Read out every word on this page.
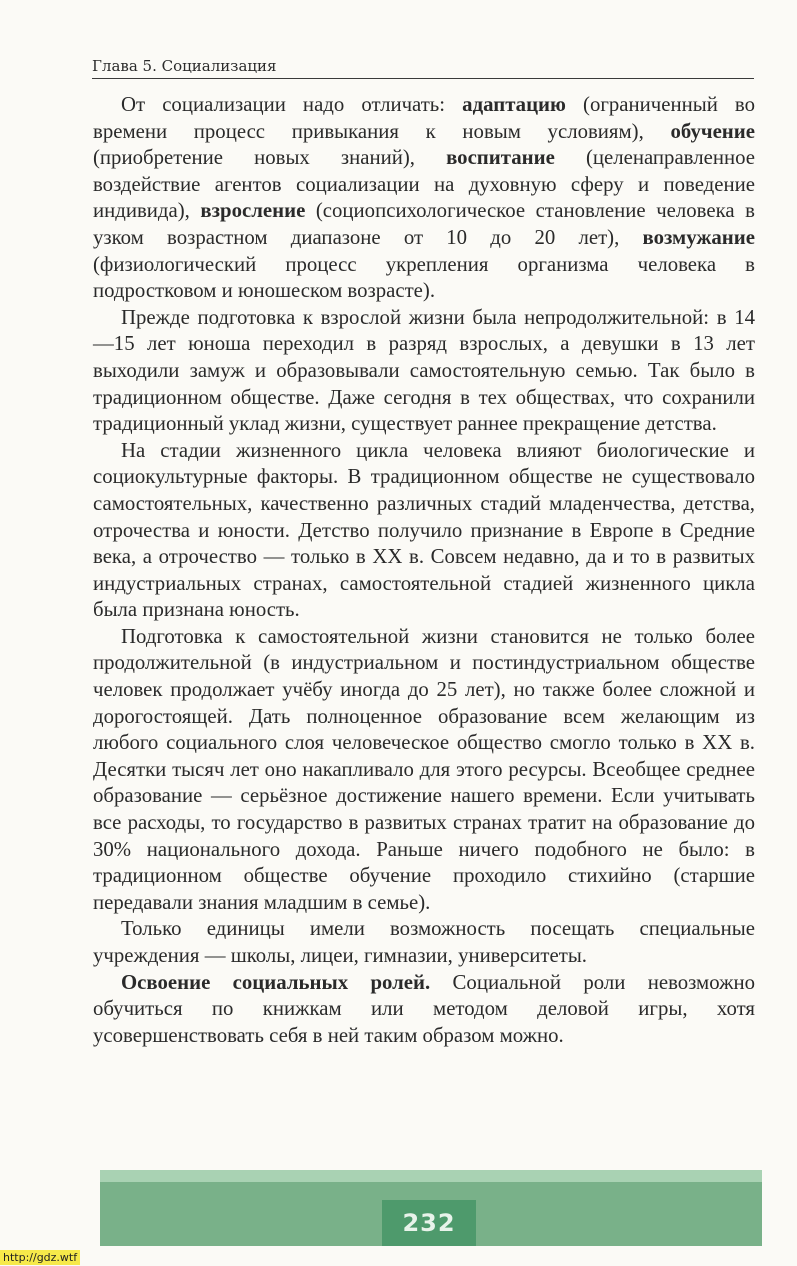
Глава 5. Социализация

От социализации надо отличать: адаптацию (ограниченный во времени процесс привыкания к новым условиям), обучение (приобретение новых знаний), воспитание (целенаправленное воздействие агентов социализации на духовную сферу и поведение индивида), взросление (социопсихологическое становление человека в узком возрастном диапазоне от 10 до 20 лет), возмужание (физиологический процесс укрепления организма человека в подростковом и юношеском возрасте).

Прежде подготовка к взрослой жизни была непродолжительной: в 14—15 лет юноша переходил в разряд взрослых, а девушки в 13 лет выходили замуж и образовывали самостоятельную семью. Так было в традиционном обществе. Даже сегодня в тех обществах, что сохранили традиционный уклад жизни, существует раннее прекращение детства.

На стадии жизненного цикла человека влияют биологические и социокультурные факторы. В традиционном обществе не существовало самостоятельных, качественно различных стадий младенчества, детства, отрочества и юности. Детство получило признание в Европе в Средние века, а отрочество — только в XX в. Совсем недавно, да и то в развитых индустриальных странах, самостоятельной стадией жизненного цикла была признана юность.

Подготовка к самостоятельной жизни становится не только более продолжительной (в индустриальном и постиндустриальном обществе человек продолжает учёбу иногда до 25 лет), но также более сложной и дорогостоящей. Дать полноценное образование всем желающим из любого социального слоя человеческое общество смогло только в XX в. Десятки тысяч лет оно накапливало для этого ресурсы. Всеобщее среднее образование — серьёзное достижение нашего времени. Если учитывать все расходы, то государство в развитых странах тратит на образование до 30% национального дохода. Раньше ничего подобного не было: в традиционном обществе обучение проходило стихийно (старшие передавали знания младшим в семье).

Только единицы имели возможность посещать специальные учреждения — школы, лицеи, гимназии, университеты.

Освоение социальных ролей. Социальной роли невозможно обучиться по книжкам или методом деловой игры, хотя усовершенствовать себя в ней таким образом можно.

232
http://gdz.wtf
